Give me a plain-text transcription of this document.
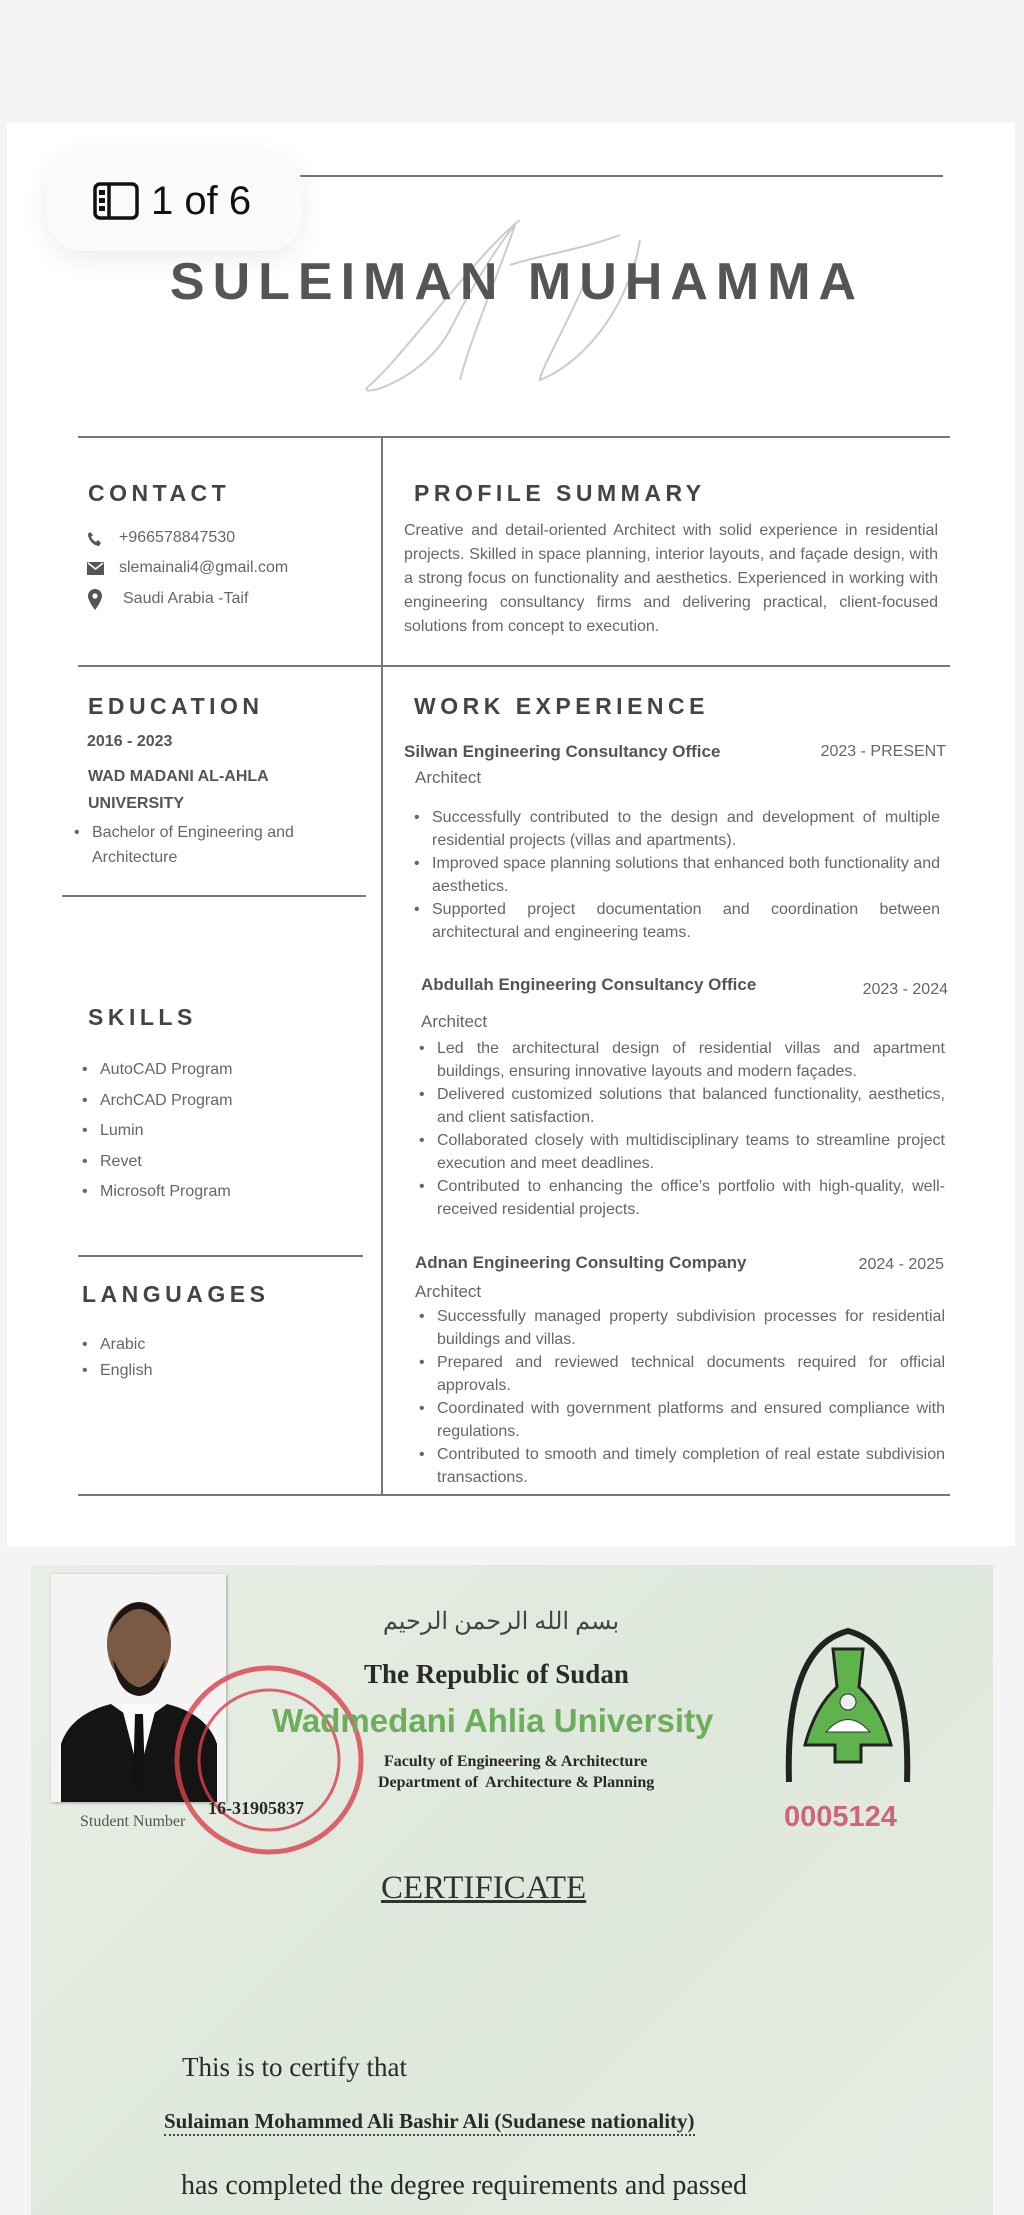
1 of 6
SULEIMAN MUHAMMA
CONTACT
+966578847530
slemainali4@gmail.com
Saudi Arabia -Taif
PROFILE SUMMARY
Creative and detail-oriented Architect with solid experience in residential projects. Skilled in space planning, interior layouts, and façade design, with a strong focus on functionality and aesthetics. Experienced in working with engineering consultancy firms and delivering practical, client-focused solutions from concept to execution.
EDUCATION
2016 - 2023
WAD MADANI AL-AHLA
UNIVERSITY
• Bachelor of Engineering and Architecture
SKILLS
• AutoCAD Program
• ArchCAD Program
• Lumin
• Revet
• Microsoft Program
LANGUAGES
• Arabic
• English
WORK EXPERIENCE
Silwan Engineering Consultancy Office	2023 - PRESENT
Architect
• Successfully contributed to the design and development of multiple residential projects (villas and apartments).
• Improved space planning solutions that enhanced both functionality and aesthetics.
• Supported project documentation and coordination between architectural and engineering teams.
Abdullah Engineering Consultancy Office	2023 - 2024
Architect
• Led the architectural design of residential villas and apartment buildings, ensuring innovative layouts and modern façades.
• Delivered customized solutions that balanced functionality, aesthetics, and client satisfaction.
• Collaborated closely with multidisciplinary teams to streamline project execution and meet deadlines.
• Contributed to enhancing the office’s portfolio with high-quality, well-received residential projects.
Adnan Engineering Consulting Company	2024 - 2025
Architect
• Successfully managed property subdivision processes for residential buildings and villas.
• Prepared and reviewed technical documents required for official approvals.
• Coordinated with government platforms and ensured compliance with regulations.
• Contributed to smooth and timely completion of real estate subdivision transactions.
بسم الله الرحمن الرحيم
The Republic of Sudan
Wadmedani Ahlia University
Faculty of Engineering & Architecture
Department of  Architecture & Planning
Student Number
16-31905837	0005124
CERTIFICATE
This is to certify that
Sulaiman Mohammed Ali Bashir Ali (Sudanese nationality)
has completed the degree requirements and passed
